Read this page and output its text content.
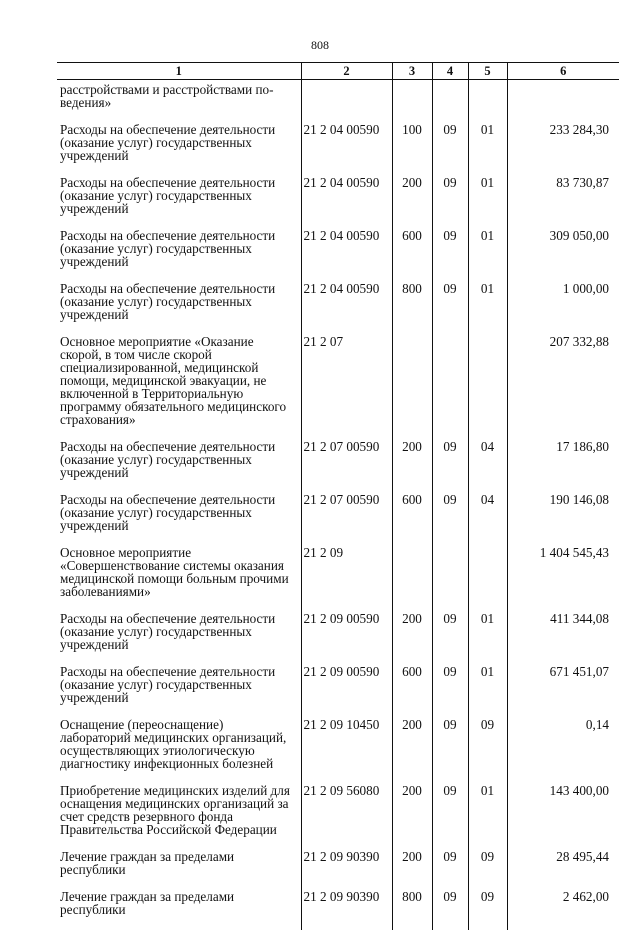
808
1	2	3	4	5	6
расстройствами и расстройствами по-
ведения»					
Расходы на обеспечение деятельности (оказание услуг) государственных учреждений	21 2 04 00590	100	09	01	233 284,30
Расходы на обеспечение деятельности (оказание услуг) государственных учреждений	21 2 04 00590	200	09	01	83 730,87
Расходы на обеспечение деятельности (оказание услуг) государственных учреждений	21 2 04 00590	600	09	01	309 050,00
Расходы на обеспечение деятельности (оказание услуг) государственных учреждений	21 2 04 00590	800	09	01	1 000,00
Основное мероприятие «Оказание скорой, в том числе скорой специализированной, медицинской помощи, медицинской эвакуации, не включенной в Территориальную программу обязательного медицинского страхования»	21 2 07				207 332,88
Расходы на обеспечение деятельности (оказание услуг) государственных учреждений	21 2 07 00590	200	09	04	17 186,80
Расходы на обеспечение деятельности (оказание услуг) государственных учреждений	21 2 07 00590	600	09	04	190 146,08
Основное мероприятие «Совершенствование системы оказания медицинской помощи больным прочими заболеваниями»	21 2 09				1 404 545,43
Расходы на обеспечение деятельности (оказание услуг) государственных учреждений	21 2 09 00590	200	09	01	411 344,08
Расходы на обеспечение деятельности (оказание услуг) государственных учреждений	21 2 09 00590	600	09	01	671 451,07
Оснащение (переоснащение) лабораторий медицинских организаций, осуществляющих этиологическую диагностику инфекционных болезней	21 2 09 10450	200	09	09	0,14
Приобретение медицинских изделий для оснащения медицинских организаций за счет средств резервного фонда Правительства Российской Федерации	21 2 09 56080	200	09	01	143 400,00
Лечение граждан за пределами республики	21 2 09 90390	200	09	09	28 495,44
Лечение граждан за пределами республики	21 2 09 90390	800	09	09	2 462,00
